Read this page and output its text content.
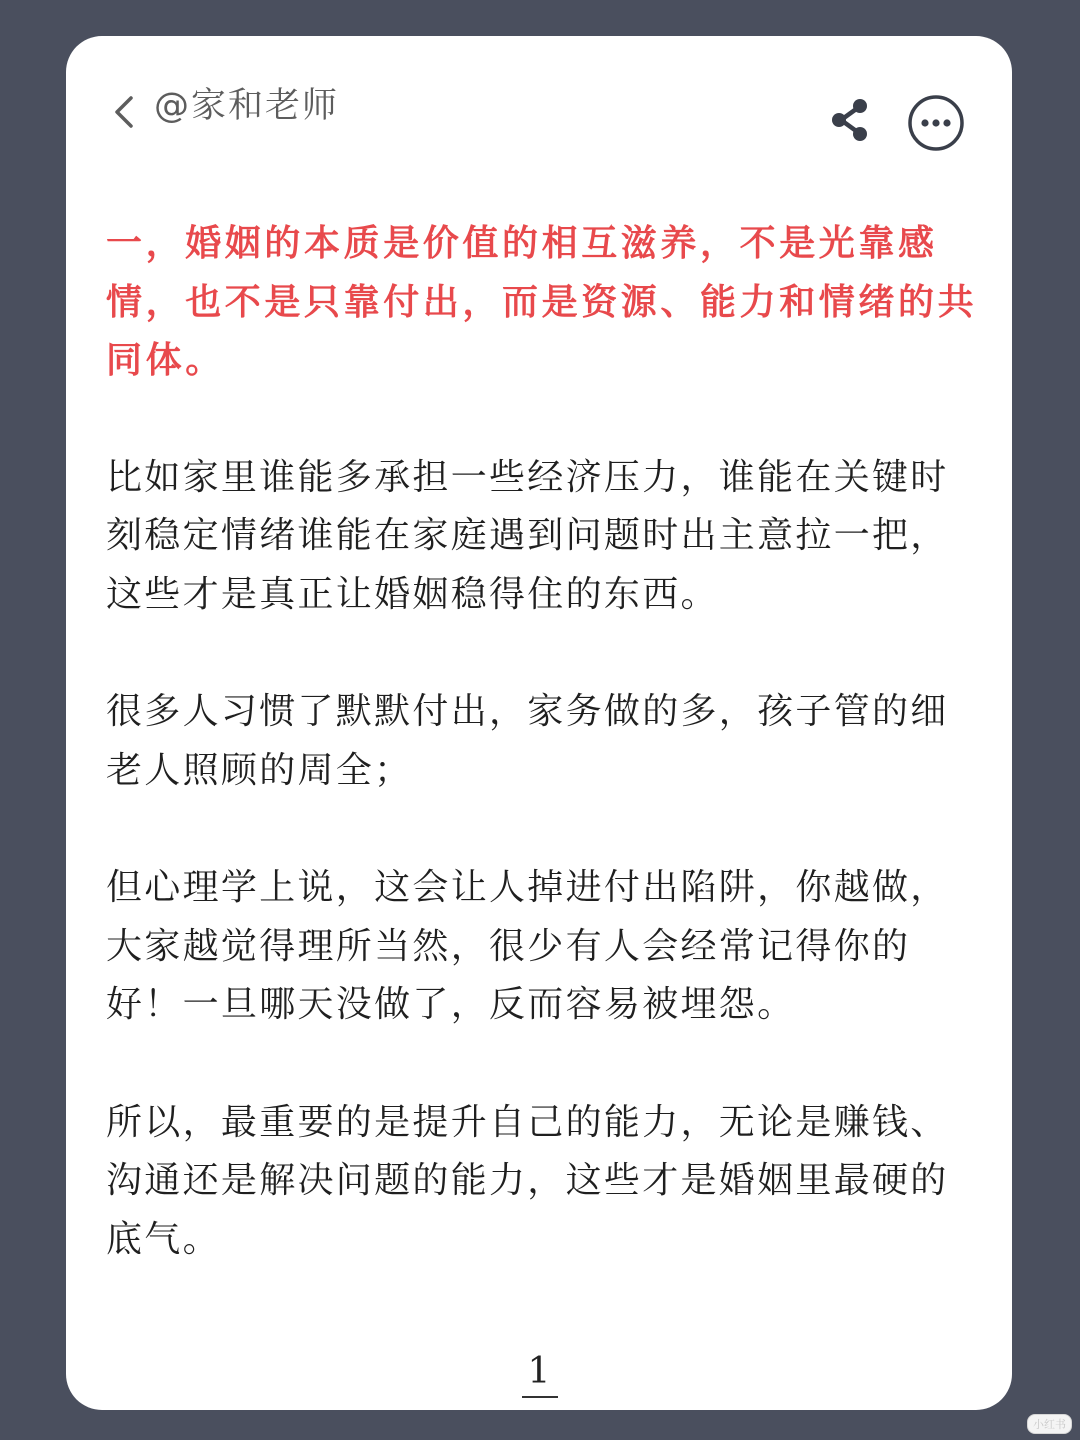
@家和老师

一，婚姻的本质是价值的相互滋养，不是光靠感情，也不是只靠付出，而是资源、能力和情绪的共同体。

比如家里谁能多承担一些经济压力，谁能在关键时刻稳定情绪谁能在家庭遇到问题时出主意拉一把，这些才是真正让婚姻稳得住的东西。

很多人习惯了默默付出，家务做的多，孩子管的细老人照顾的周全；

但心理学上说，这会让人掉进付出陷阱，你越做，大家越觉得理所当然，很少有人会经常记得你的好！一旦哪天没做了，反而容易被埋怨。

所以，最重要的是提升自己的能力，无论是赚钱、沟通还是解决问题的能力，这些才是婚姻里最硬的底气。

1
小红书
